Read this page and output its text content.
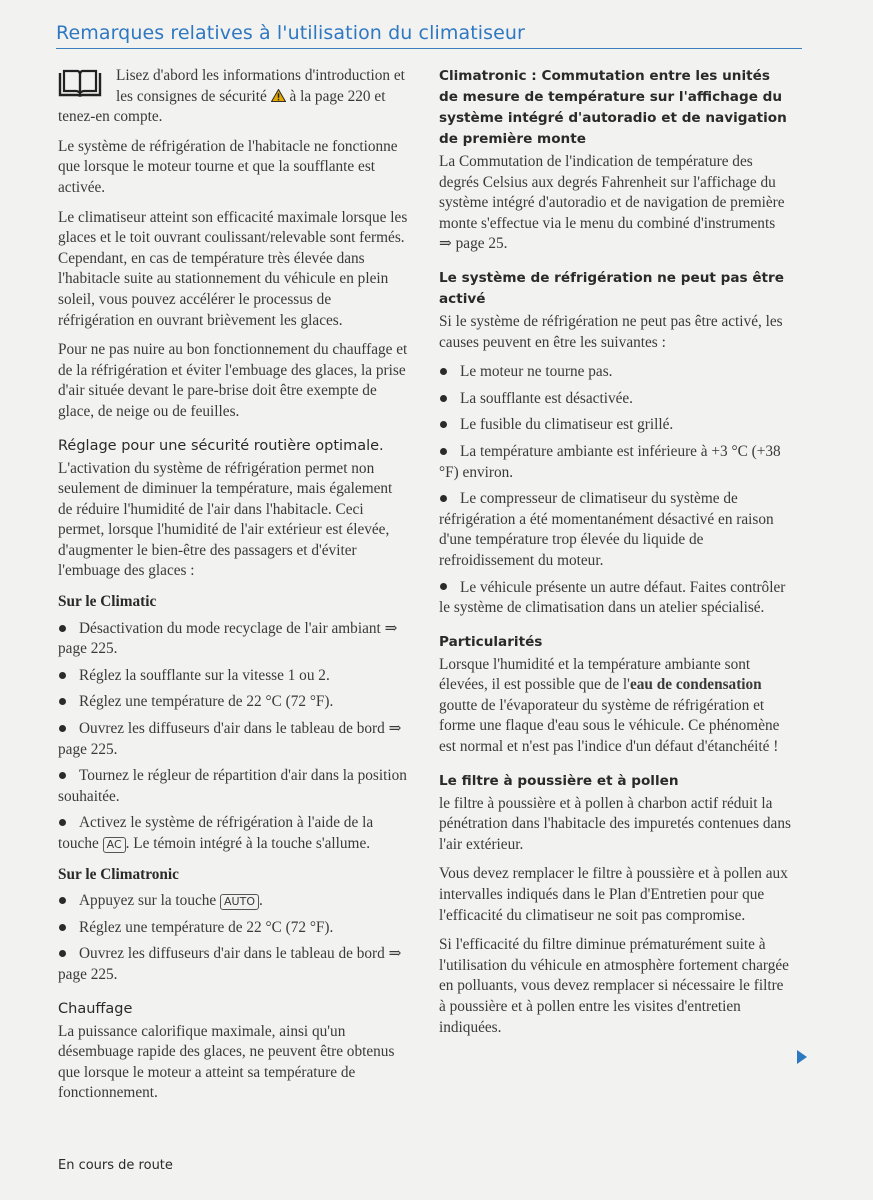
Remarques relatives à l'utilisation du climatiseur

Lisez d'abord les informations d'introduction et les consignes de sécurité à la page 220 et tenez-en compte.

Le système de réfrigération de l'habitacle ne fonctionne que lorsque le moteur tourne et que la soufflante est activée.

Le climatiseur atteint son efficacité maximale lorsque les glaces et le toit ouvrant coulissant/relevable sont fermés. Cependant, en cas de température très élevée dans l'habitacle suite au stationnement du véhicule en plein soleil, vous pouvez accélérer le processus de réfrigération en ouvrant brièvement les glaces.

Pour ne pas nuire au bon fonctionnement du chauffage et de la réfrigération et éviter l'embuage des glaces, la prise d'air située devant le pare-brise doit être exempte de glace, de neige ou de feuilles.

Réglage pour une sécurité routière optimale.

L'activation du système de réfrigération permet non seulement de diminuer la température, mais également de réduire l'humidité de l'air dans l'habitacle. Ceci permet, lorsque l'humidité de l'air extérieur est élevée, d'augmenter le bien-être des passagers et d'éviter l'embuage des glaces :

Sur le Climatic
Désactivation du mode recyclage de l'air ambiant ⇒ page 225.
Réglez la soufflante sur la vitesse 1 ou 2.
Réglez une température de 22 °C (72 °F).
Ouvrez les diffuseurs d'air dans le tableau de bord ⇒ page 225.
Tournez le régleur de répartition d'air dans la position souhaitée.
Activez le système de réfrigération à l'aide de la touche AC . Le témoin intégré à la touche s'allume.
Sur le Climatronic
Appuyez sur la touche AUTO .
Réglez une température de 22 °C (72 °F).
Ouvrez les diffuseurs d'air dans le tableau de bord ⇒ page 225.
Chauffage

La puissance calorifique maximale, ainsi qu'un désembuage rapide des glaces, ne peuvent être obtenus que lorsque le moteur a atteint sa température de fonctionnement.

Climatronic : Commutation entre les unités de mesure de température sur l'affichage du système intégré d'autoradio et de navigation de première monte

La Commutation de l'indication de température des degrés Celsius aux degrés Fahrenheit sur l'affichage du système intégré d'autoradio et de navigation de première monte s'effectue via le menu du combiné d'instruments ⇒ page 25.

Le système de réfrigération ne peut pas être activé

Si le système de réfrigération ne peut pas être activé, les causes peuvent en être les suivantes :

Le moteur ne tourne pas.
La soufflante est désactivée.
Le fusible du climatiseur est grillé.
La température ambiante est inférieure à +3 °C (+38 °F) environ.
Le compresseur de climatiseur du système de réfrigération a été momentanément désactivé en raison d'une température trop élevée du liquide de refroidissement du moteur.
Le véhicule présente un autre défaut. Faites contrôler le système de climatisation dans un atelier spécialisé.
Particularités

Lorsque l'humidité et la température ambiante sont élevées, il est possible que de l'eau de condensation goutte de l'évaporateur du système de réfrigération et forme une flaque d'eau sous le véhicule. Ce phénomène est normal et n'est pas l'indice d'un défaut d'étanchéité !

Le filtre à poussière et à pollen

le filtre à poussière et à pollen à charbon actif réduit la pénétration dans l'habitacle des impuretés contenues dans l'air extérieur.

Vous devez remplacer le filtre à poussière et à pollen aux intervalles indiqués dans le Plan d'Entretien pour que l'efficacité du climatiseur ne soit pas compromise.

Si l'efficacité du filtre diminue prématurément suite à l'utilisation du véhicule en atmosphère fortement chargée en polluants, vous devez remplacer si nécessaire le filtre à poussière et à pollen entre les visites d'entretien indiquées.

En cours de route
